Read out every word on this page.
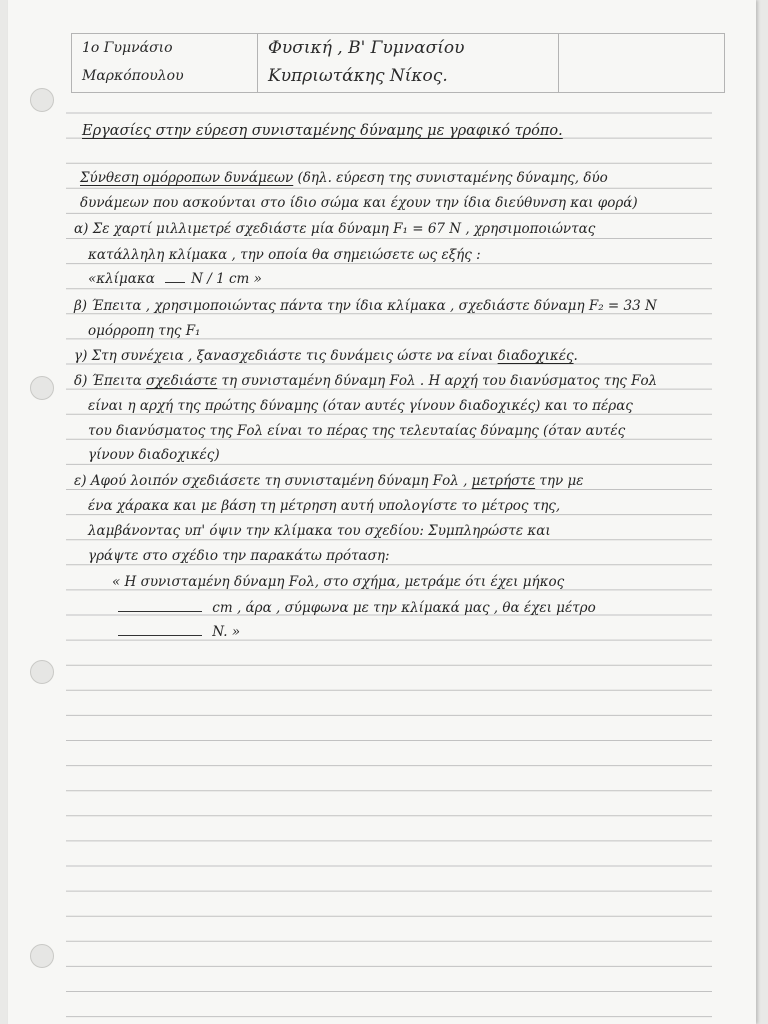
1ο Γυμνάσιο
Μαρκόπουλου

Φυσική , Β' Γυμνασίου
Κυπριωτάκης Νίκος.

Εργασίες στην εύρεση συνισταμένης δύναμης με γραφικό τρόπο.

Σύνθεση ομόρροπων δυνάμεων (δηλ. εύρεση της συνισταμένης δύναμης, δύο

δυνάμεων που ασκούνται στο ίδιο σώμα και έχουν την ίδια διεύθυνση και φορά)

α) Σε χαρτί μιλλιμετρέ σχεδιάστε μία δύναμη F₁ = 67 N , χρησιμοποιώντας

κατάλληλη κλίμακα , την οποία θα σημειώσετε ως εξής :

«κλίμακα	N / 1 cm »

β) Έπειτα , χρησιμοποιώντας πάντα την ίδια κλίμακα , σχεδιάστε δύναμη F₂ = 33 N

ομόρροπη της F₁

γ) Στη συνέχεια , ξανασχεδιάστε τις δυνάμεις ώστε να είναι διαδοχικές.

δ) Έπειτα σχεδιάστε τη συνισταμένη δύναμη Fολ . Η αρχή του διανύσματος της Fολ

είναι η αρχή της πρώτης δύναμης (όταν αυτές γίνουν διαδοχικές) και το πέρας

του διανύσματος της Fολ είναι το πέρας της τελευταίας δύναμης (όταν αυτές

γίνουν διαδοχικές)

ε) Αφού λοιπόν σχεδιάσετε τη συνισταμένη δύναμη Fολ , μετρήστε την με

ένα χάρακα και με βάση τη μέτρηση αυτή υπολογίστε το μέτρος της,

λαμβάνοντας υπ' όψιν την κλίμακα του σχεδίου: Συμπληρώστε και

γράψτε στο σχέδιο την παρακάτω πρόταση:

« Η συνισταμένη δύναμη Fολ, στο σχήμα, μετράμε ότι έχει μήκος

cm , άρα , σύμφωνα με την κλίμακά μας , θα έχει μέτρο

N. »
